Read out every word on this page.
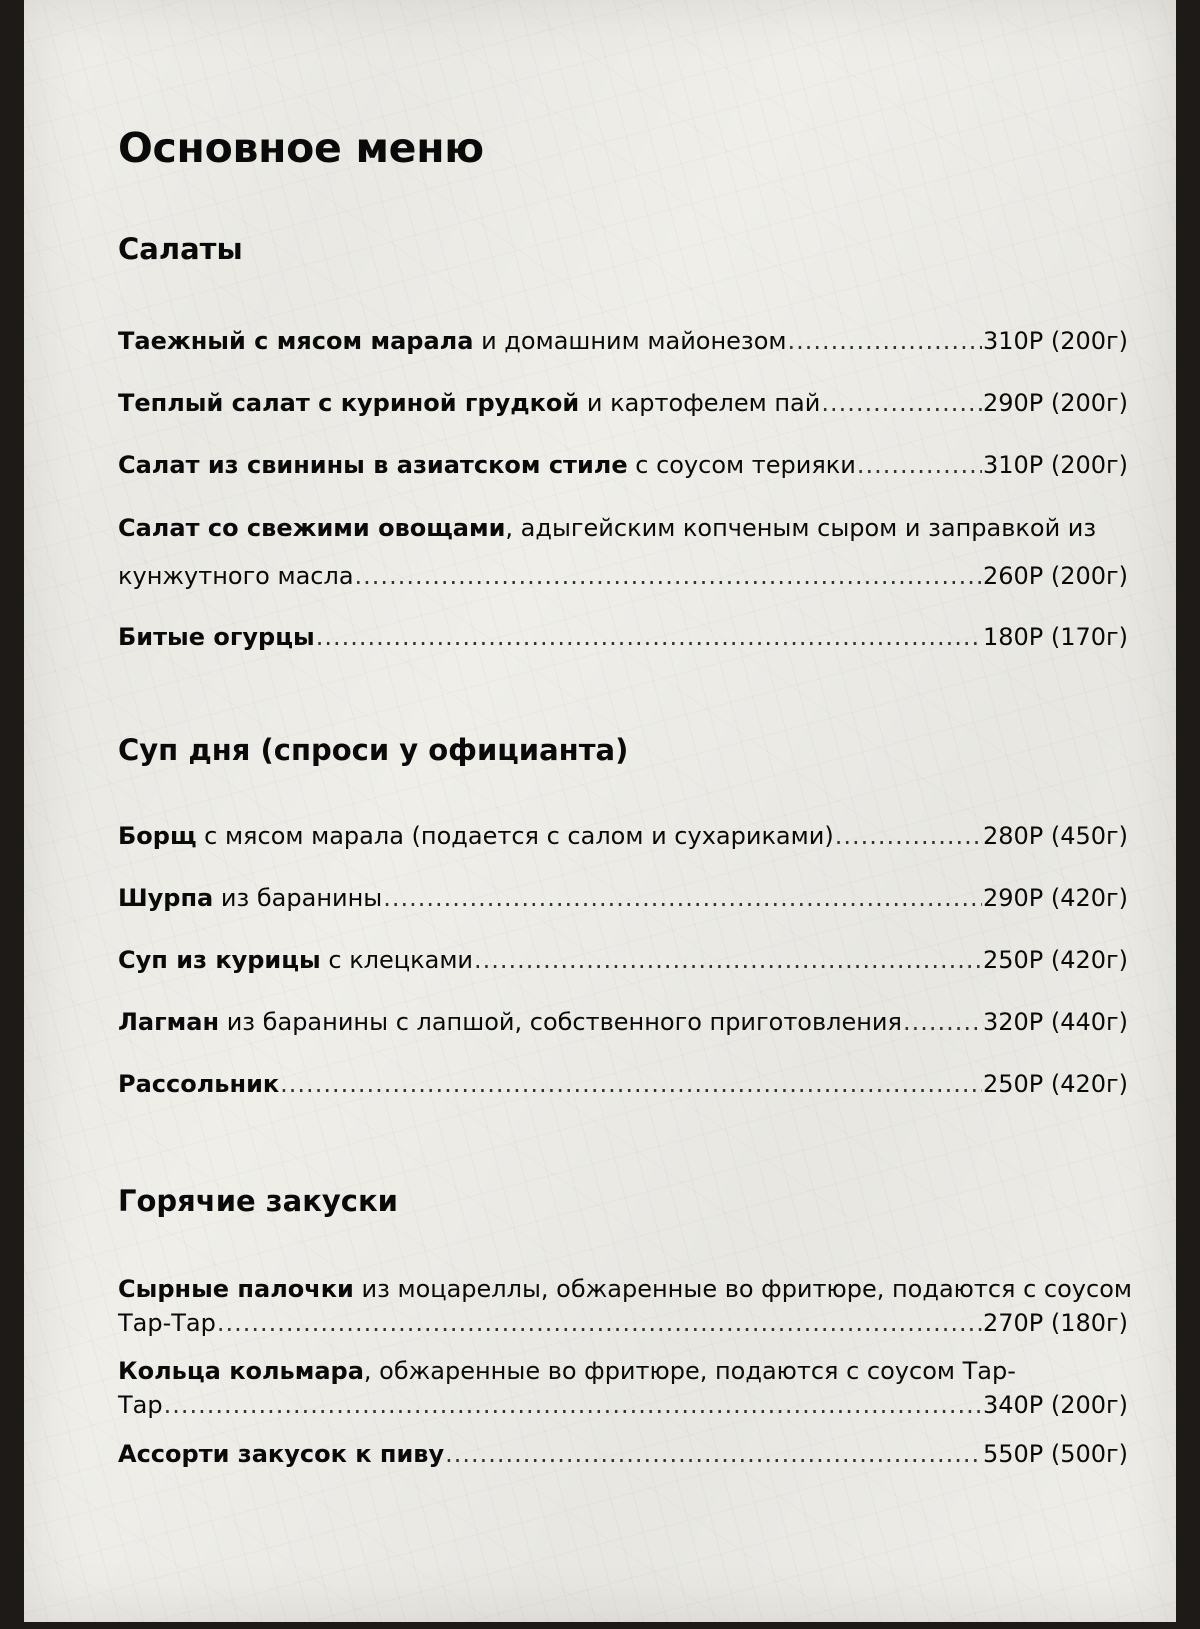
Основное меню
Салаты
Таежный с мясом марала и домашним майонезом .....	310Р (200г)
Теплый салат с куриной грудкой и картофелем пай .....	290Р (200г)
Салат из свинины в азиатском стиле с соусом терияки .....	310Р (200г)
Салат со свежими овощами, адыгейским копченым сыром и заправкой из
кунжутного масла .....	260Р (200г)
Битые огурцы .....	180Р (170г)
Суп дня (спроси у официанта)
Борщ с мясом марала (подается с салом и сухариками) .....	280Р (450г)
Шурпа из баранины .....	290Р (420г)
Суп из курицы с клецками .....	250Р (420г)
Лагман из баранины с лапшой, собственного приготовления .....	320Р (440г)
Рассольник .....	250Р (420г)
Горячие закуски
Сырные палочки из моцареллы, обжаренные во фритюре, подаются с соусом
Тар-Тар .....	270Р (180г)
Кольца кольмара, обжаренные во фритюре, подаются с соусом Тар-
Тар .....	340Р (200г)
Ассорти закусок к пиву .....	550Р (500г)
